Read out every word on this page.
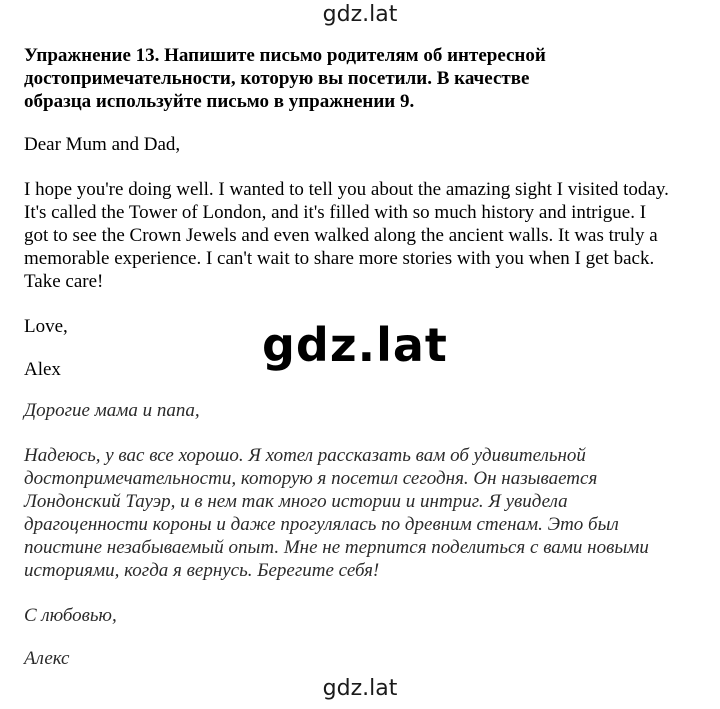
gdz.lat

Упражнение 13. Напишите письмо родителям об интересной достопримечательности, которую вы посетили. В качестве образца используйте письмо в упражнении 9.

Dear Mum and Dad,

I hope you're doing well. I wanted to tell you about the amazing sight I visited today. It's called the Tower of London, and it's filled with so much history and intrigue. I got to see the Crown Jewels and even walked along the ancient walls. It was truly a memorable experience. I can't wait to share more stories with you when I get back. Take care!

Love,

Alex

Дорогие мама и папа,

Надеюсь, у вас все хорошо. Я хотел рассказать вам об удивительной достопримечательности, которую я посетил сегодня. Он называется Лондонский Тауэр, и в нем так много истории и интриг. Я увидела драгоценности короны и даже прогулялась по древним стенам. Это был поистине незабываемый опыт. Мне не терпится поделиться с вами новыми историями, когда я вернусь. Берегите себя!

С любовью,

Алекс

gdz.lat
gdz.lat
